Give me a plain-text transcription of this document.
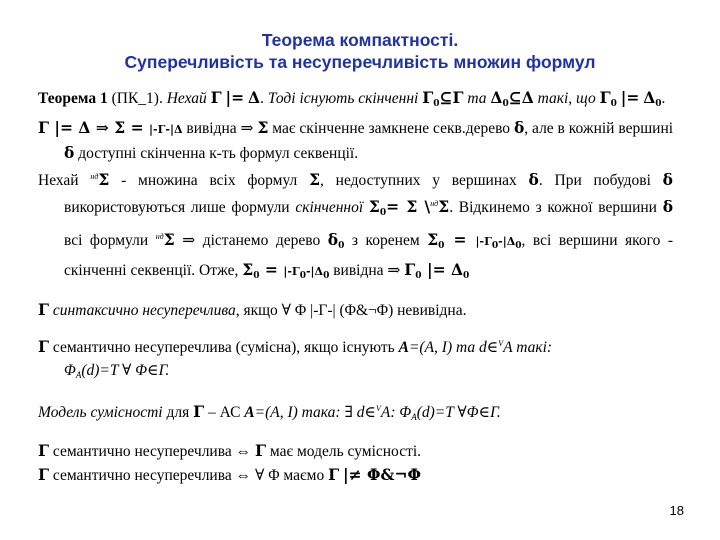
Теорема компактності.
Суперечливість та несуперечливість множин формул

Теорема 1 (ПК_1). Нехай Γ |= Δ. Тоді існують скінченні $\Gamma_0⊆\Gamma$ та $\Delta_0⊆\Delta$ такі, що $\Gamma_0$ |= $\Delta_0$.

Γ |= Δ ⇒ Σ = |-Γ-|Δ вивідна ⇒ Σ має скінченне замкнене секв.дерево δ, але в кожній вершині δ доступні скінченна к-ть формул секвенції.

Нехай $^{нд}$Σ - множина всіх формул Σ, недоступних у вершинах δ. При побудові δ використовуються лише формули скінченної $\Sigma_0= \Sigma$ \$^{нд}$Σ. Відкинемо з кожної вершини δ всі формули $^{нд}$Σ ⇒ дістанемо дерево $\delta_0$ з коренем $\Sigma_0 = |-\Gamma_0-|\Delta_0$, всі вершини якого - скінченні секвенції. Отже, $\Sigma_0 = |-\Gamma_0-|\Delta_0$ вивідна ⇒ $\Gamma_0$ |= $\Delta_0$

Γ синтаксично несуперечлива, якщо ∀ Φ |-Γ-| (Φ&¬Φ) невивідна.

Γ семантично несуперечлива (сумісна), якщо існують A=(A, I) та d∈$^V$A такі:
$\Phi_A(d)=T$ ∀ Φ∈Γ.

Модель сумісності для Γ – АС A=(A, I) така: ∃ d∈$^V$A: $\Phi_A(d)=T$ ∀Φ∈Γ.

Γ семантично несуперечлива ⇔ Γ має модель сумісності.

Γ семантично несуперечлива ⇔ ∀ Φ маємо Γ |≠ Φ&¬Φ

18
